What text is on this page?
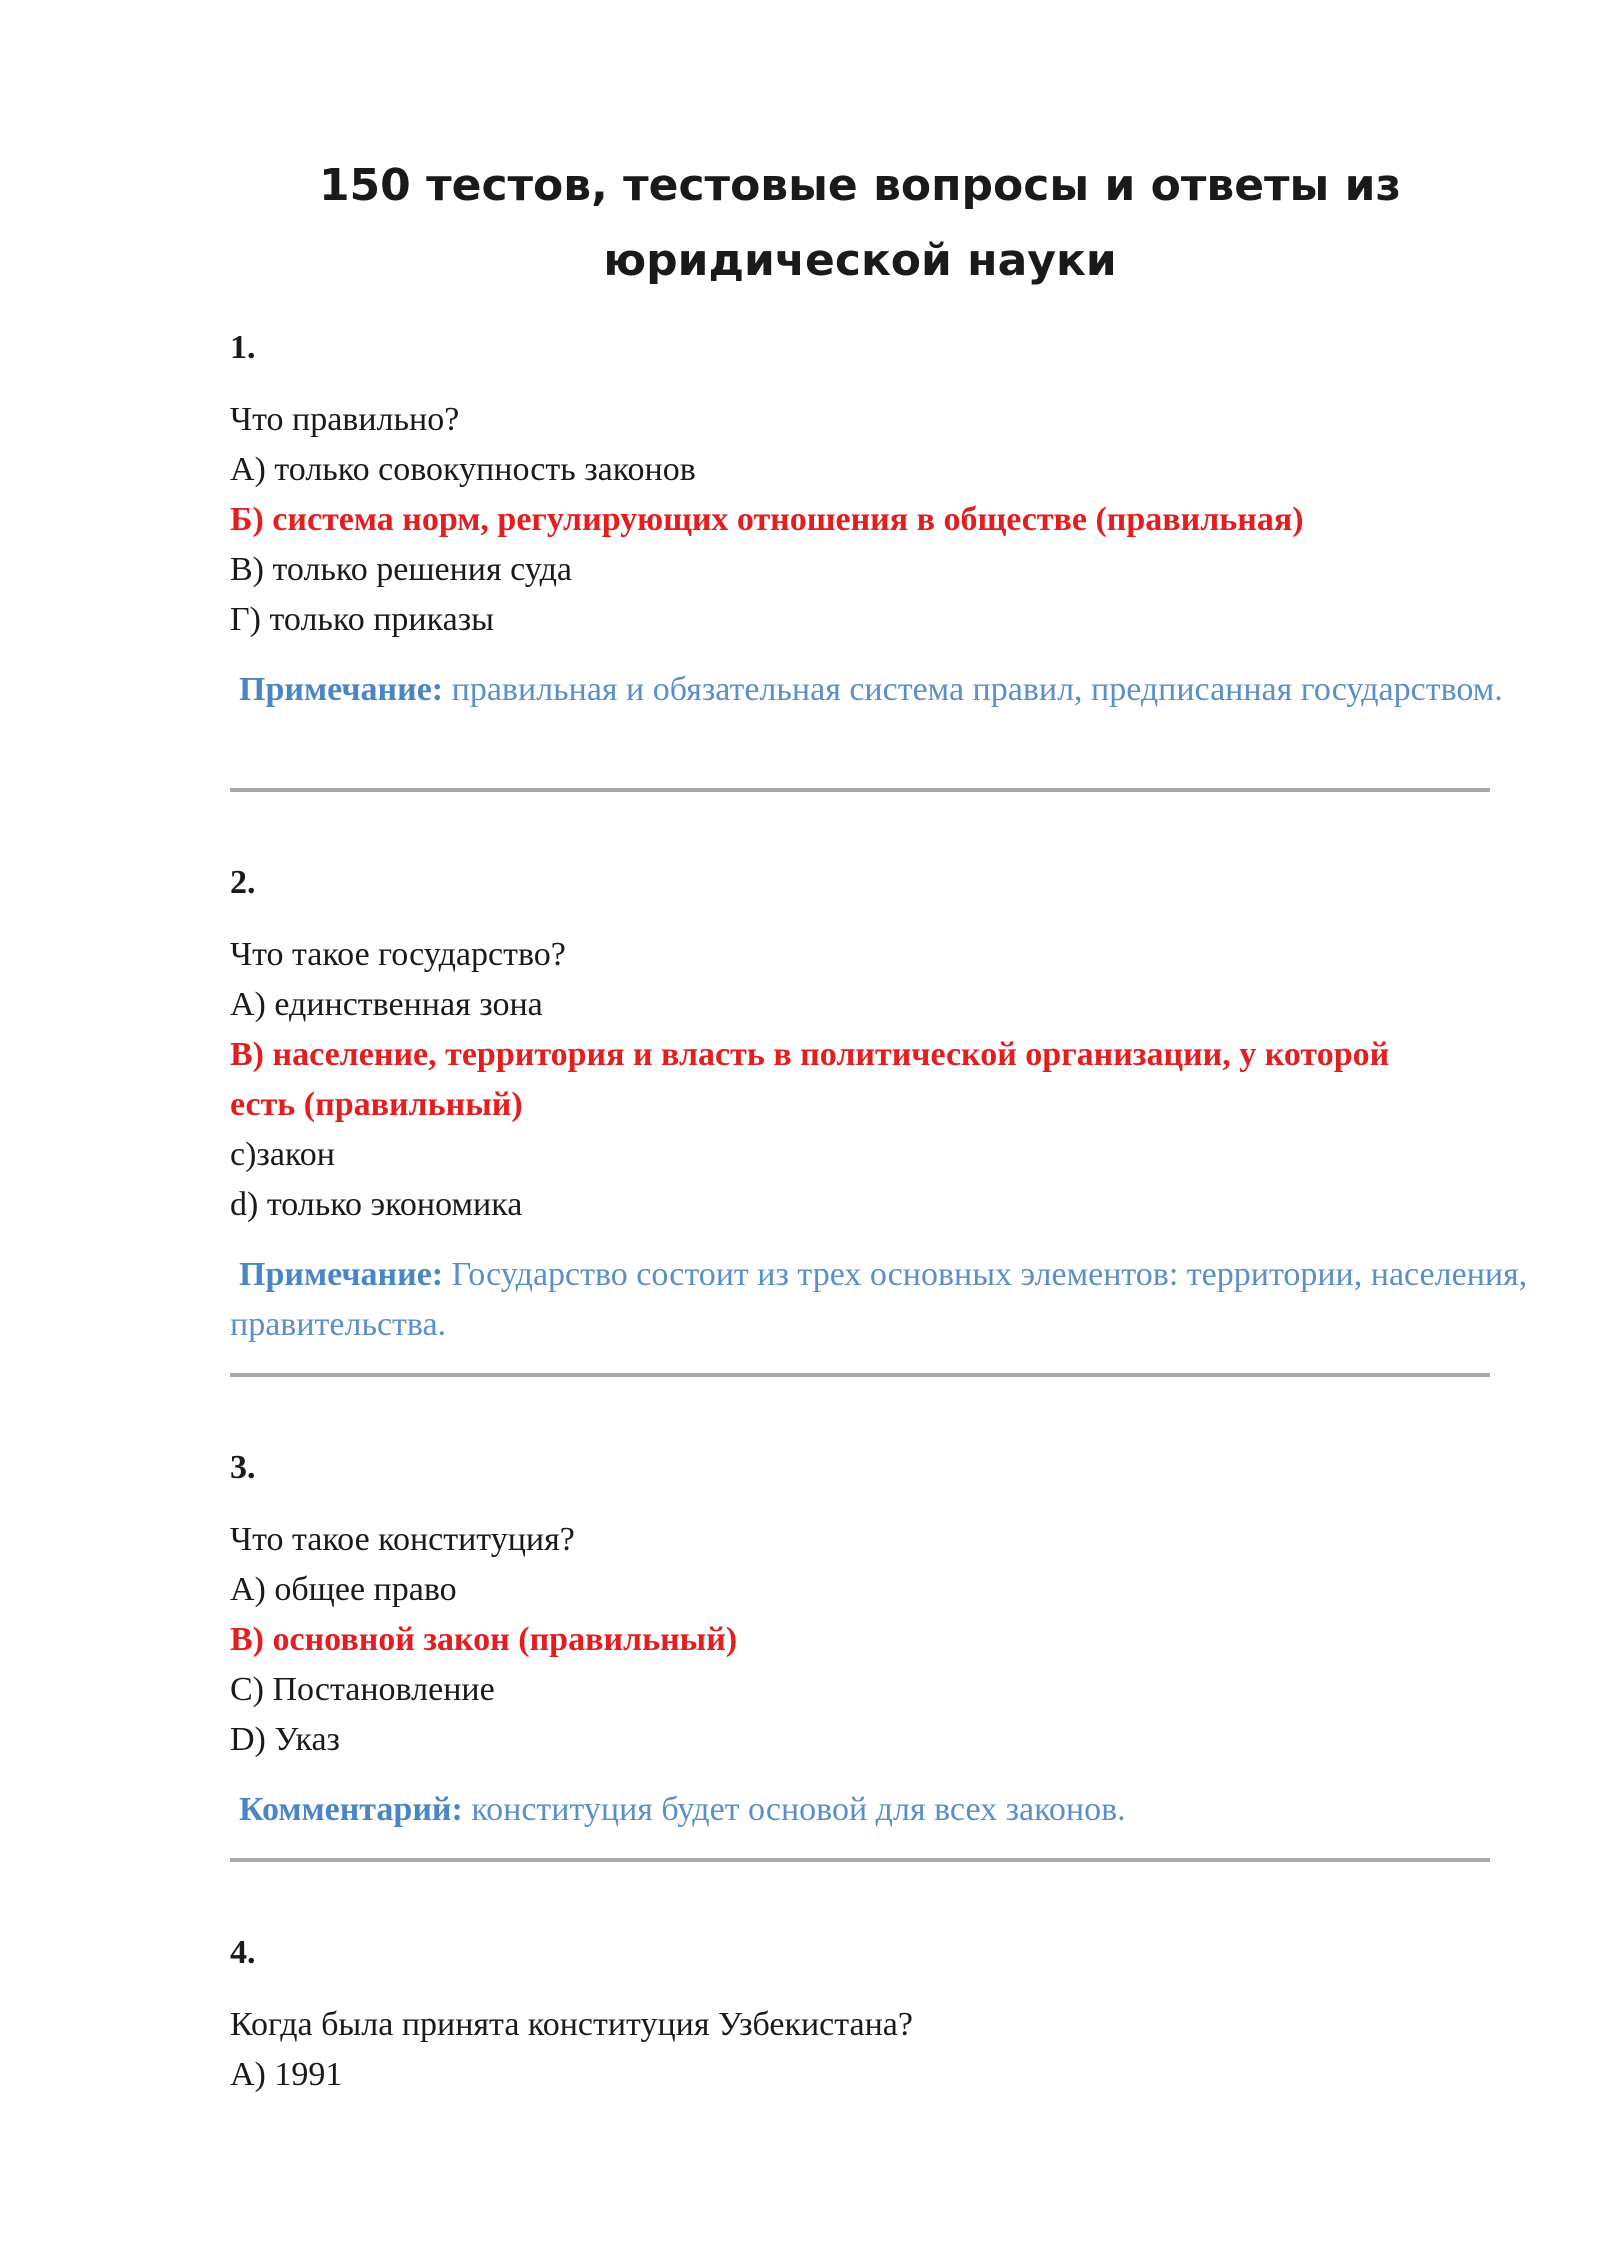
150 тестов, тестовые вопросы и ответы из
юридической науки
1.
Что правильно?
А) только совокупность законов
Б) система норм, регулирующих отношения в обществе (правильная)
В) только решения суда
Г) только приказы
Примечание: правильная и обязательная система правил, предписанная государством.
2.
Что такое государство?
А) единственная зона
В) население, территория и власть в политической организации, у которой есть (правильный)
с)закон
d) только экономика
Примечание: Государство состоит из трех основных элементов: территории, населения, правительства.
3.
Что такое конституция?
А) общее право
В) основной закон (правильный)
С) Постановление
D) Указ
Комментарий: конституция будет основой для всех законов.
4.
Когда была принята конституция Узбекистана?
А) 1991
